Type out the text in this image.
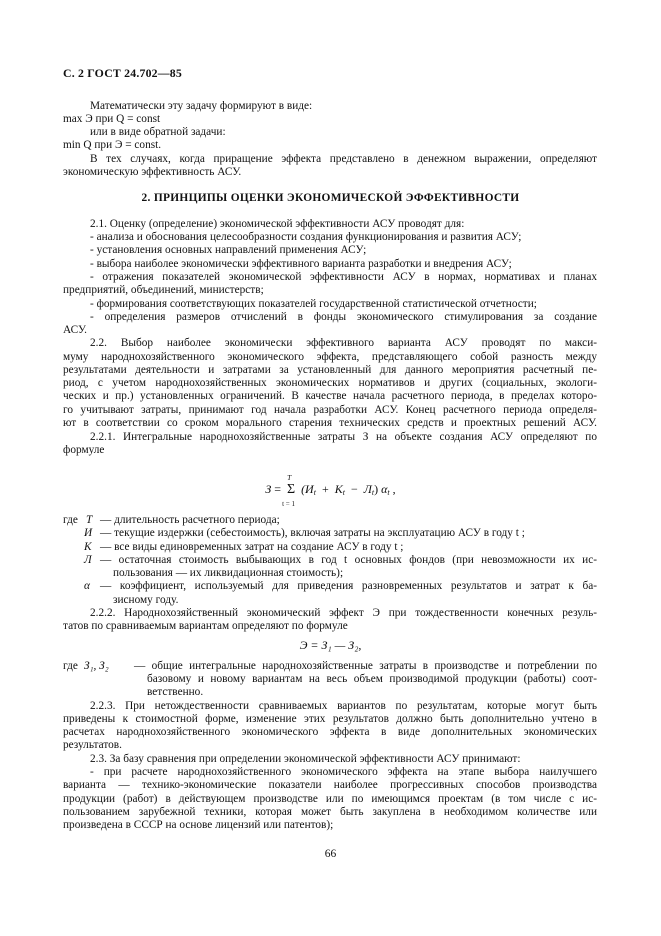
С. 2 ГОСТ 24.702—85
Математически эту задачу формируют в виде:
max Э при Q = const
или в виде обратной задачи:
min Q при Э = const.
В тех случаях, когда приращение эффекта представлено в денежном выражении, определяют
экономическую эффективность АСУ.
2. ПРИНЦИПЫ ОЦЕНКИ ЭКОНОМИЧЕСКОЙ ЭФФЕКТИВНОСТИ
2.1. Оценку (определение) экономической эффективности АСУ проводят для:
- анализа и обоснования целесообразности создания функционирования и развития АСУ;
- установления основных направлений применения АСУ;
- выбора наиболее экономически эффективного варианта разработки и внедрения АСУ;
- отражения показателей экономической эффективности АСУ в нормах, нормативах и планах
предприятий, объединений, министерств;
- формирования соответствующих показателей государственной статистической отчетности;
- определения размеров отчислений в фонды экономического стимулирования за создание
АСУ.
2.2. Выбор наиболее экономически эффективного варианта АСУ проводят по макси-
муму народнохозяйственного экономического эффекта, представляющего собой разность между
результатами деятельности и затратами за установленный для данного мероприятия расчетный пе-
риод, с учетом народнохозяйственных экономических нормативов и других (социальных, экологи-
ческих и пр.) установленных ограничений. В качестве начала расчетного периода, в пределах которо-
го учитывают затраты, принимают год начала разработки АСУ. Конец расчетного периода определя-
ют в соответствии со сроком морального старения технических средств и проектных решений АСУ.
2.2.1. Интегральные народнохозяйственные затраты З на объекте создания АСУ определяют по
формуле
З =
T
Σ
t = 1
$(И_t + К_t - Л_t)$ $\alpha_t$ ,
где T — длительность расчетного периода;
И — текущие издержки (себестоимость), включая затраты на эксплуатацию АСУ в году t ;
К — все виды единовременных затрат на создание АСУ в году t ;
Л — остаточная стоимость выбывающих в год t основных фондов (при невозможности их ис-
пользования — их ликвидационная стоимость);
α — коэффициент, используемый для приведения разновременных результатов и затрат к ба-
зисному году.
2.2.2. Народнохозяйственный экономический эффект Э при тождественности конечных резуль-
татов по сравниваемым вариантам определяют по формуле
Э = З₁ — З₂,
где З₁, З₂ — общие интегральные народнохозяйственные затраты в производстве и потреблении по
базовому и новому вариантам на весь объем производимой продукции (работы) соот-
ветственно.
2.2.3. При нетождественности сравниваемых вариантов по результатам, которые могут быть
приведены к стоимостной форме, изменение этих результатов должно быть дополнительно учтено в
расчетах народнохозяйственного экономического эффекта в виде дополнительных экономических
результатов.
2.3. За базу сравнения при определении экономической эффективности АСУ принимают:
- при расчете народнохозяйственного экономического эффекта на этапе выбора наилучшего
варианта — технико-экономические показатели наиболее прогрессивных способов производства
продукции (работ) в действующем производстве или по имеющимся проектам (в том числе с ис-
пользованием зарубежной техники, которая может быть закуплена в необходимом количестве или
произведена в СССР на основе лицензий или патентов);
66
